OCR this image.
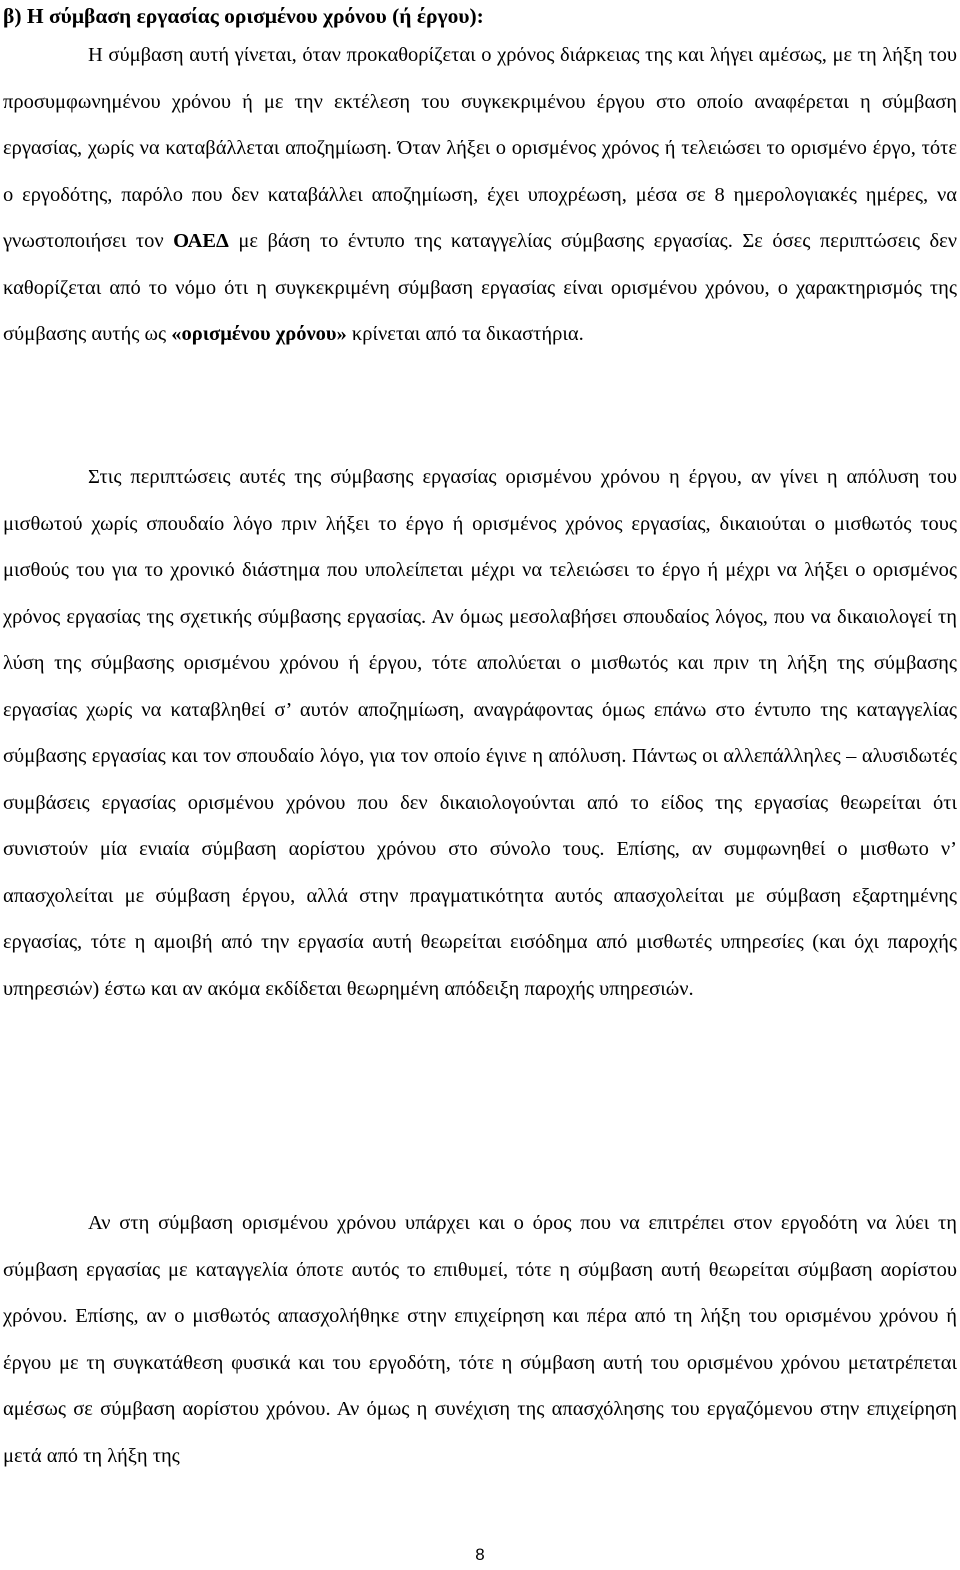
β) Η σύμβαση εργασίας ορισμένου χρόνου (ή έργου):

Η σύμβαση αυτή γίνεται, όταν προκαθορίζεται ο χρόνος διάρκειας της και λήγει αμέσως, με τη λήξη του προσυμφωνημένου χρόνου ή με την εκτέλεση του συγκεκριμένου έργου στο οποίο αναφέρεται η σύμβαση εργασίας, χωρίς να καταβάλλεται αποζημίωση. Όταν λήξει ο ορισμένος χρόνος ή τελειώσει το ορισμένο έργο, τότε ο εργοδότης, παρόλο που δεν καταβάλλει αποζημίωση, έχει υποχρέωση, μέσα σε 8 ημερολογιακές ημέρες, να γνωστοποιήσει τον ΟΑΕΔ με βάση το έντυπο της καταγγελίας σύμβασης εργασίας. Σε όσες περιπτώσεις δεν καθορίζεται από το νόμο ότι η συγκεκριμένη σύμβαση εργασίας είναι ορισμένου χρόνου, ο χαρακτηρισμός της σύμβασης αυτής ως «ορισμένου χρόνου» κρίνεται από τα δικαστήρια.

Στις περιπτώσεις αυτές της σύμβασης εργασίας ορισμένου χρόνου η έργου, αν γίνει η απόλυση του μισθωτού χωρίς σπουδαίο λόγο πριν λήξει το έργο ή ορισμένος χρόνος εργασίας, δικαιούται ο μισθωτός τους μισθούς του για το χρονικό διάστημα που υπολείπεται μέχρι να τελειώσει το έργο ή μέχρι να λήξει ο ορισμένος χρόνος εργασίας της σχετικής σύμβασης εργασίας. Αν όμως μεσολαβήσει σπουδαίος λόγος, που να δικαιολογεί τη λύση της σύμβασης ορισμένου χρόνου ή έργου, τότε απολύεται ο μισθωτός και πριν τη λήξη της σύμβασης εργασίας χωρίς να καταβληθεί σ’ αυτόν αποζημίωση, αναγράφοντας όμως επάνω στο έντυπο της καταγγελίας σύμβασης εργασίας και τον σπουδαίο λόγο, για τον οποίο έγινε η απόλυση. Πάντως οι αλλεπάλληλες – αλυσιδωτές συμβάσεις εργασίας ορισμένου χρόνου που δεν δικαιολογούνται από το είδος της εργασίας θεωρείται ότι συνιστούν μία ενιαία σύμβαση αορίστου χρόνου στο σύνολο τους. Επίσης, αν συμφωνηθεί ο μισθωτο ν’ απασχολείται με σύμβαση έργου, αλλά στην πραγματικότητα αυτός απασχολείται με σύμβαση εξαρτημένης εργασίας, τότε η αμοιβή από την εργασία αυτή θεωρείται εισόδημα από μισθωτές υπηρεσίες (και όχι παροχής υπηρεσιών) έστω και αν ακόμα εκδίδεται θεωρημένη απόδειξη παροχής υπηρεσιών.

Αν στη σύμβαση ορισμένου χρόνου υπάρχει και ο όρος που να επιτρέπει στον εργοδότη να λύει τη σύμβαση εργασίας με καταγγελία όποτε αυτός το επιθυμεί, τότε η σύμβαση αυτή θεωρείται σύμβαση αορίστου χρόνου. Επίσης, αν ο μισθωτός απασχολήθηκε στην επιχείρηση και πέρα από τη λήξη του ορισμένου χρόνου ή έργου με τη συγκατάθεση φυσικά και του εργοδότη, τότε η σύμβαση αυτή του ορισμένου χρόνου μετατρέπεται αμέσως σε σύμβαση αορίστου χρόνου. Αν όμως η συνέχιση της απασχόλησης του εργαζόμενου στην επιχείρηση μετά από τη λήξη της

8
